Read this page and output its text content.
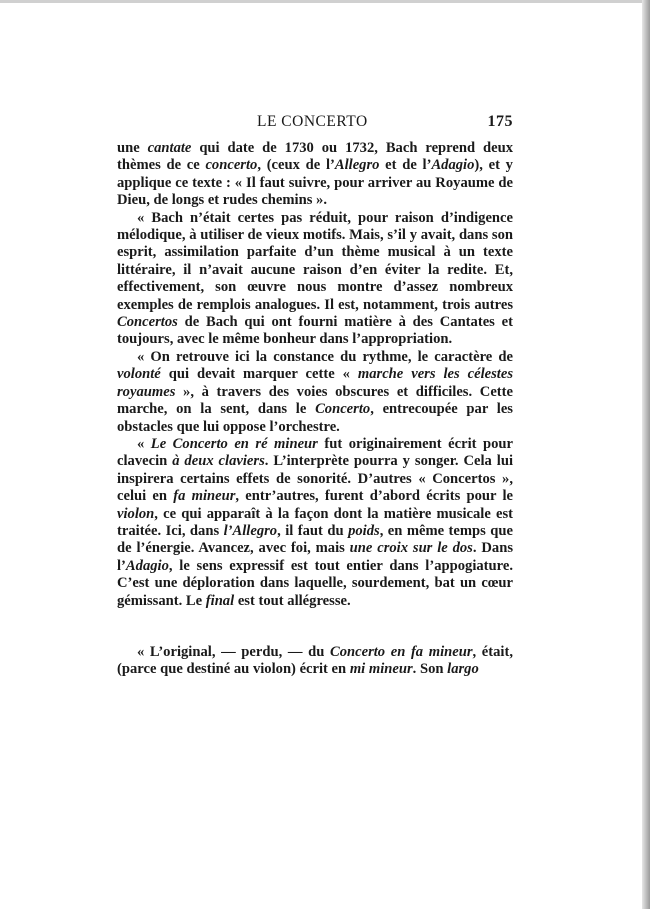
LE CONCERTO	175

une cantate qui date de 1730 ou 1732, Bach reprend deux thèmes de ce concerto, (ceux de l’Allegro et de l’Adagio), et y applique ce texte : « Il faut suivre, pour arriver au Royaume de Dieu, de longs et rudes chemins ».

« Bach n’était certes pas réduit, pour raison d’indigence mélodique, à utiliser de vieux motifs. Mais, s’il y avait, dans son esprit, assimilation parfaite d’un thème musical à un texte littéraire, il n’avait aucune raison d’en éviter la redite. Et, effectivement, son œuvre nous montre d’assez nombreux exemples de remplois analogues. Il est, notamment, trois autres Concertos de Bach qui ont fourni matière à des Cantates et toujours, avec le même bonheur dans l’appropriation.

« On retrouve ici la constance du rythme, le caractère de volonté qui devait marquer cette « marche vers les célestes royaumes », à travers des voies obscures et difficiles. Cette marche, on la sent, dans le Concerto, entrecoupée par les obstacles que lui oppose l’orchestre.

« Le Concerto en ré mineur fut originairement écrit pour clavecin à deux claviers. L’interprète pourra y songer. Cela lui inspirera certains effets de sonorité. D’autres « Concertos », celui en fa mineur, entr’autres, furent d’abord écrits pour le violon, ce qui apparaît à la façon dont la matière musicale est traitée. Ici, dans l’Allegro, il faut du poids, en même temps que de l’énergie. Avancez, avec foi, mais une croix sur le dos. Dans l’Adagio, le sens expressif est tout entier dans l’appogiature. C’est une déploration dans laquelle, sourdement, bat un cœur gémissant. Le final est tout allégresse.

« L’original, — perdu, — du Concerto en fa mineur, était, (parce que destiné au violon) écrit en mi mineur. Son largo
